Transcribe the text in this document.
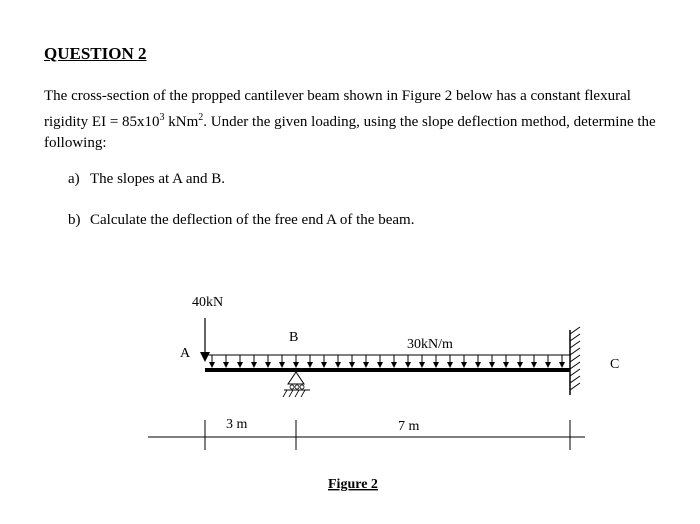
QUESTION 2
The cross-section of the propped cantilever beam shown in Figure 2 below has a constant flexural rigidity EI = $85x10^3$ kNm$^2$. Under the given loading, using the slope deflection method, determine the following:
a) The slopes at A and B.
b) Calculate the deflection of the free end A of the beam.
40kN
A
B	30kN/m
C
3 m	7 m
Figure 2
